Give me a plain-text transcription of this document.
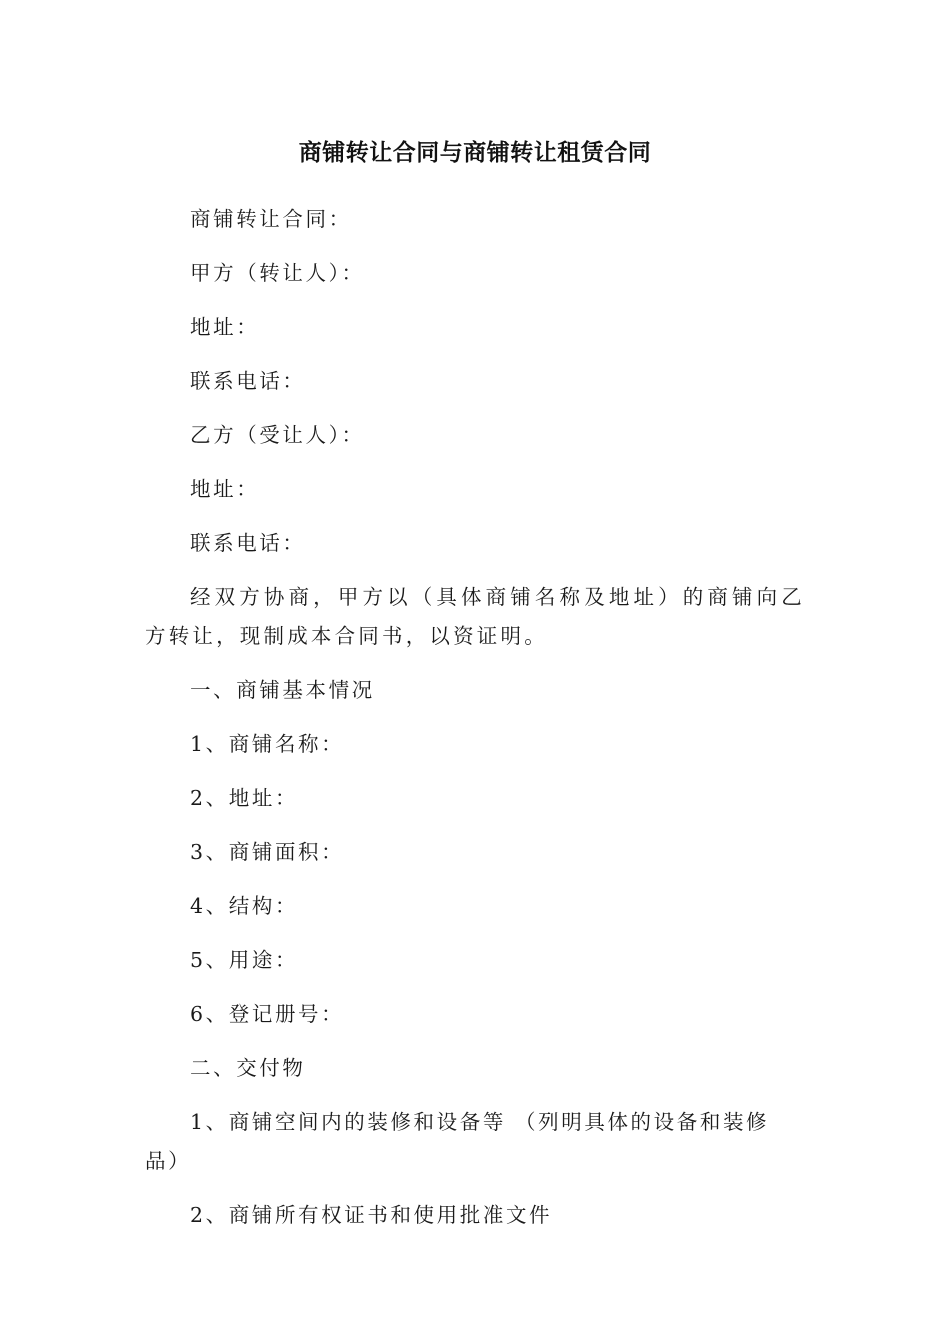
商铺转让合同与商铺转让租赁合同

商铺转让合同：

甲方（转让人）：

地址：

联系电话：

乙方（受让人）：

地址：

联系电话：

经双方协商，甲方以（具体商铺名称及地址）的商铺向乙方转让，现制成本合同书，以资证明。

一、商铺基本情况

1、商铺名称：

2、地址：

3、商铺面积：

4、结构：

5、用途：

6、登记册号：

二、交付物

1、商铺空间内的装修和设备等 （列明具体的设备和装修品）

2、商铺所有权证书和使用批准文件
